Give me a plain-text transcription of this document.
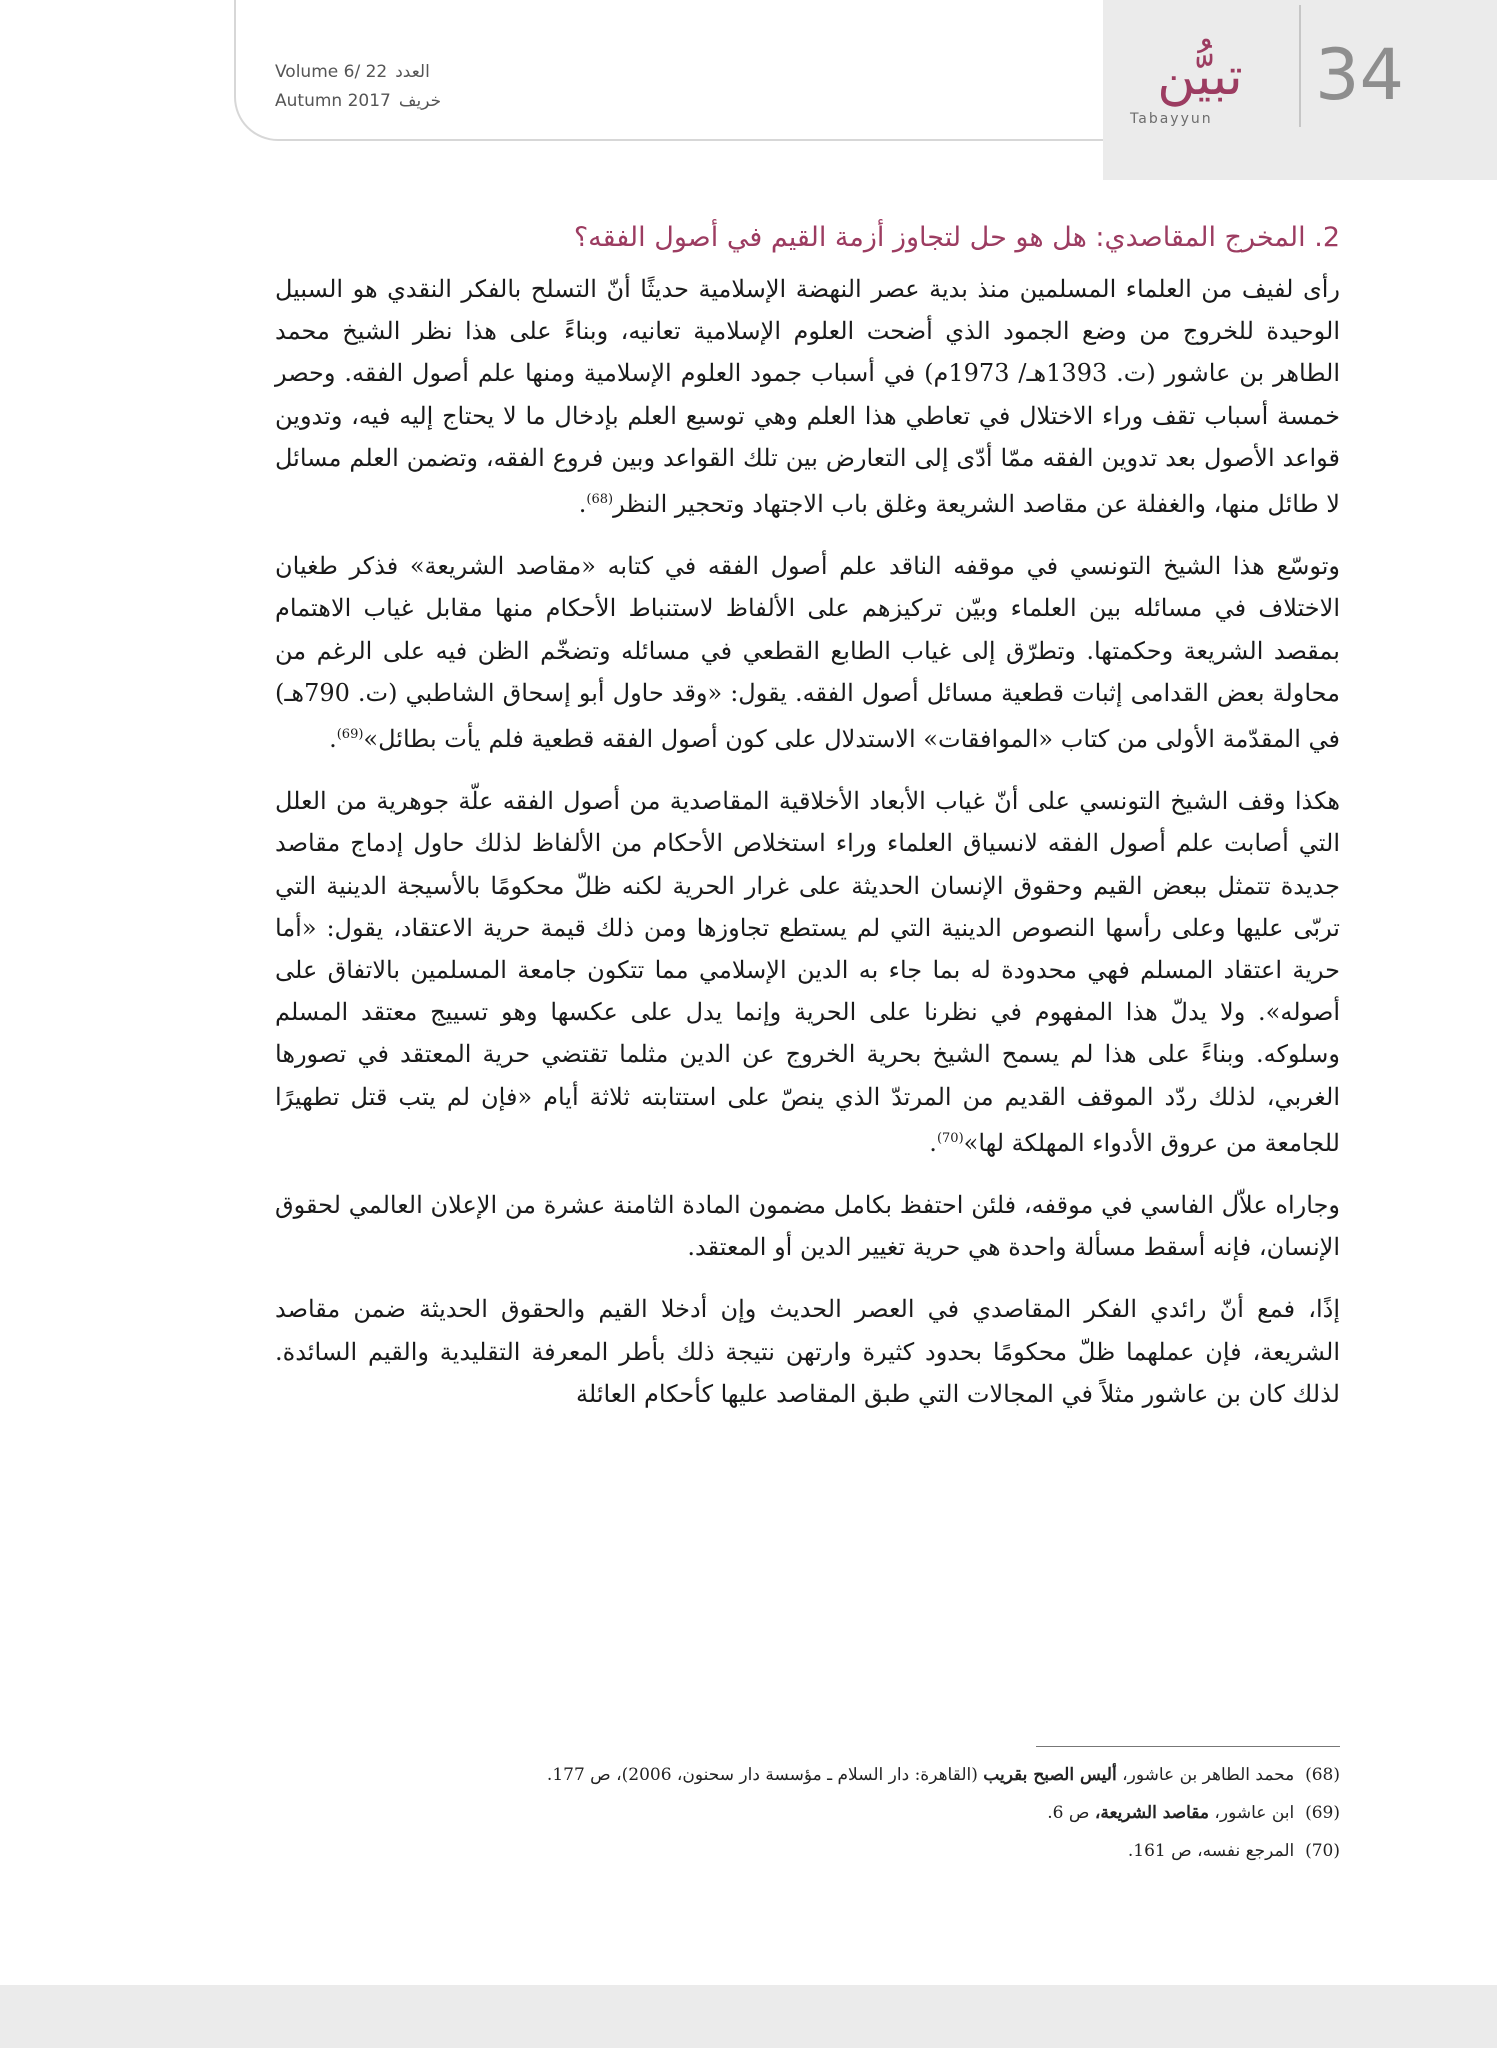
Volume 6/ 22 العدد
Autumn 2017 خريف	تبيُّن
Tabayyun
34
2. المخرج المقاصدي: هل هو حل لتجاوز أزمة القيم في أصول الفقه؟

رأى لفيف من العلماء المسلمين منذ بدية عصر النهضة الإسلامية حديثًا أنّ التسلح بالفكر النقدي هو السبيل الوحيدة للخروج من وضع الجمود الذي أضحت العلوم الإسلامية تعانيه، وبناءً على هذا نظر الشيخ محمد الطاهر بن عاشور (ت. 1393هـ/ 1973م) في أسباب جمود العلوم الإسلامية ومنها علم أصول الفقه. وحصر خمسة أسباب تقف وراء الاختلال في تعاطي هذا العلم وهي توسيع العلم بإدخال ما لا يحتاج إليه فيه، وتدوين قواعد الأصول بعد تدوين الفقه ممّا أدّى إلى التعارض بين تلك القواعد وبين فروع الفقه، وتضمن العلم مسائل لا طائل منها، والغفلة عن مقاصد الشريعة وغلق باب الاجتهاد وتحجير النظر$^{(68)}$.

وتوسّع هذا الشيخ التونسي في موقفه الناقد علم أصول الفقه في كتابه «مقاصد الشريعة» فذكر طغيان الاختلاف في مسائله بين العلماء وبيّن تركيزهم على الألفاظ لاستنباط الأحكام منها مقابل غياب الاهتمام بمقصد الشريعة وحكمتها. وتطرّق إلى غياب الطابع القطعي في مسائله وتضخّم الظن فيه على الرغم من محاولة بعض القدامى إثبات قطعية مسائل أصول الفقه. يقول: «وقد حاول أبو إسحاق الشاطبي (ت. 790هـ) في المقدّمة الأولى من كتاب «الموافقات» الاستدلال على كون أصول الفقه قطعية فلم يأت بطائل»$^{(69)}$.

هكذا وقف الشيخ التونسي على أنّ غياب الأبعاد الأخلاقية المقاصدية من أصول الفقه علّة جوهرية من العلل التي أصابت علم أصول الفقه لانسياق العلماء وراء استخلاص الأحكام من الألفاظ لذلك حاول إدماج مقاصد جديدة تتمثل ببعض القيم وحقوق الإنسان الحديثة على غرار الحرية لكنه ظلّ محكومًا بالأسيجة الدينية التي تربّى عليها وعلى رأسها النصوص الدينية التي لم يستطع تجاوزها ومن ذلك قيمة حرية الاعتقاد، يقول: «أما حرية اعتقاد المسلم فهي محدودة له بما جاء به الدين الإسلامي مما تتكون جامعة المسلمين بالاتفاق على أصوله». ولا يدلّ هذا المفهوم في نظرنا على الحرية وإنما يدل على عكسها وهو تسييج معتقد المسلم وسلوكه. وبناءً على هذا لم يسمح الشيخ بحرية الخروج عن الدين مثلما تقتضي حرية المعتقد في تصورها الغربي، لذلك ردّد الموقف القديم من المرتدّ الذي ينصّ على استتابته ثلاثة أيام «فإن لم يتب قتل تطهيرًا للجامعة من عروق الأدواء المهلكة لها»$^{(70)}$.

وجاراه علاّل الفاسي في موقفه، فلئن احتفظ بكامل مضمون المادة الثامنة عشرة من الإعلان العالمي لحقوق الإنسان، فإنه أسقط مسألة واحدة هي حرية تغيير الدين أو المعتقد.

إذًا، فمع أنّ رائدي الفكر المقاصدي في العصر الحديث وإن أدخلا القيم والحقوق الحديثة ضمن مقاصد الشريعة، فإن عملهما ظلّ محكومًا بحدود كثيرة وارتهن نتيجة ذلك بأطر المعرفة التقليدية والقيم السائدة. لذلك كان بن عاشور مثلاً في المجالات التي طبق المقاصد عليها كأحكام العائلة

(68)  محمد الطاهر بن عاشور، أليس الصبح بقريب (القاهرة: دار السلام ـ مؤسسة دار سحنون، 2006)، ص 177.
(69)  ابن عاشور، مقاصد الشريعة، ص 6.
(70)  المرجع نفسه، ص 161.
